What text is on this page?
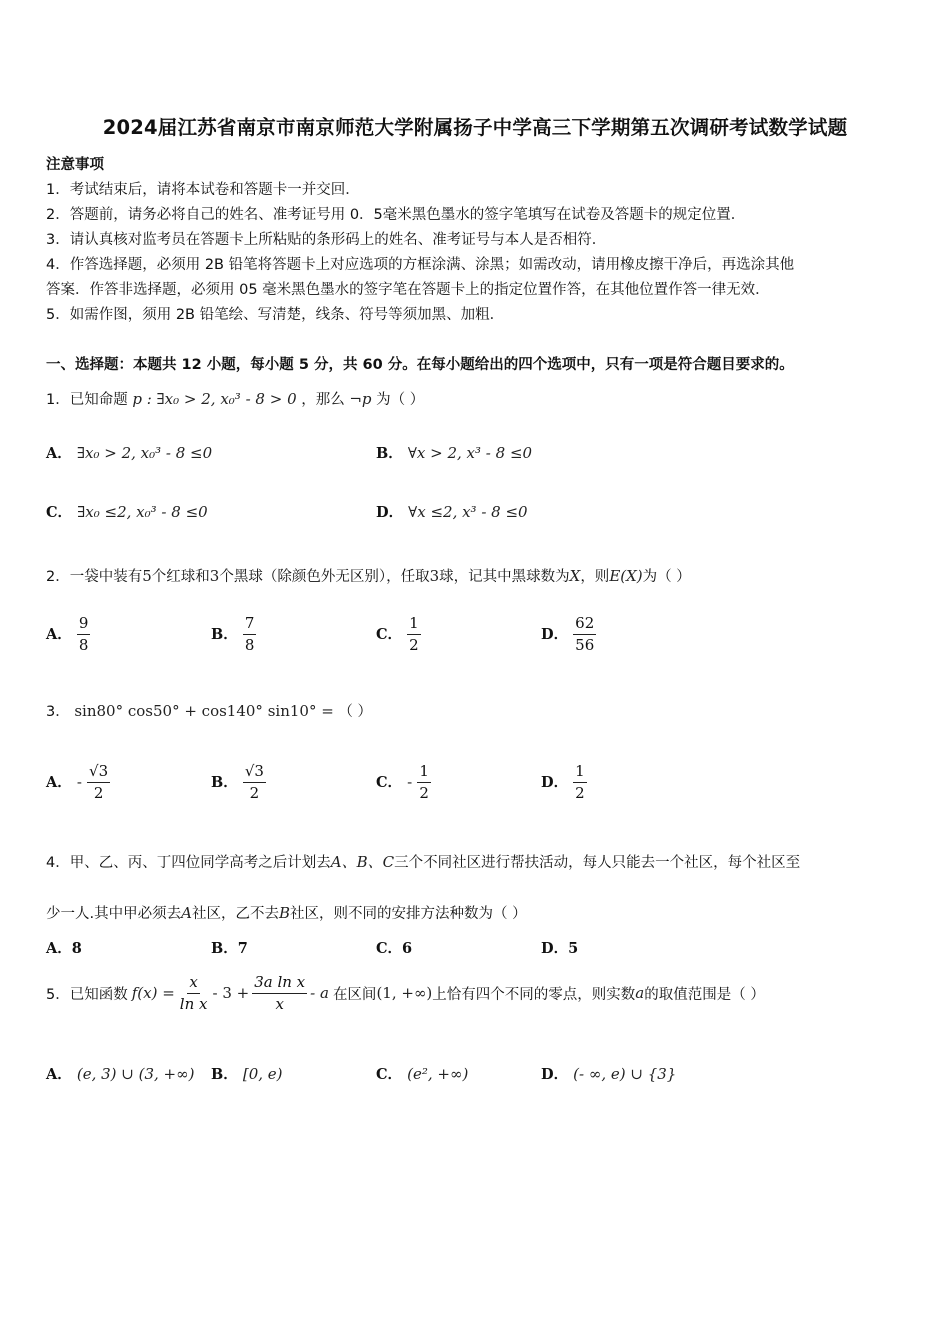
2024届江苏省南京市南京师范大学附属扬子中学高三下学期第五次调研考试数学试题
注意事项
1．考试结束后，请将本试卷和答题卡一并交回．
2．答题前，请务必将自己的姓名、准考证号用 0．5毫米黑色墨水的签字笔填写在试卷及答题卡的规定位置．
3．请认真核对监考员在答题卡上所粘贴的条形码上的姓名、准考证号与本人是否相符．
4．作答选择题，必须用 2B 铅笔将答题卡上对应选项的方框涂满、涂黑；如需改动，请用橡皮擦干净后，再选涂其他
答案．作答非选择题，必须用 05 毫米黑色墨水的签字笔在答题卡上的指定位置作答，在其他位置作答一律无效．
5．如需作图，须用 2B 铅笔绘、写清楚，线条、符号等须加黑、加粗．
一、选择题：本题共 12 小题，每小题 5 分，共 60 分。在每小题给出的四个选项中，只有一项是符合题目要求的。
1．已知命题 p : ∃x₀ > 2, x₀³ - 8 > 0 ，那么 ¬p 为（ ）
A． ∃x₀ > 2, x₀³ - 8 ≤0	B． ∀x > 2, x³ - 8 ≤0
C． ∃x₀ ≤2, x₀³ - 8 ≤0	D． ∀x ≤2, x³ - 8 ≤0
2．一袋中装有5个红球和3个黑球（除颜色外无区别），任取3球，记其中黑球数为X，则E(X)为（ ）
A． $\frac{9}{8}$	B． $\frac{7}{8}$	C． $\frac{1}{2}$	D． $\frac{62}{56}$
3． sin80° cos50° + cos140° sin10° = （ ）
A． - $\frac{√3}{2}$	B． $\frac{√3}{2}$	C． - $\frac{1}{2}$	D． $\frac{1}{2}$
4．甲、乙、丙、丁四位同学高考之后计划去A、B、C三个不同社区进行帮扶活动，每人只能去一个社区，每个社区至
少一人.其中甲必须去A社区，乙不去B社区，则不同的安排方法种数为（ ）
A．8	B．7	C．6	D．5
5．已知函数 $f(x) = \frac{x}{\text{ln x}} - 3 + \frac{\text{3a ln x}}{x} - a$ 在区间 (1, +∞) 上恰有四个不同的零点，则实数 a 的取值范围是（ ）
A． (e, 3) ∪ (3, +∞) B． [0, e)	C． (e², +∞)	D． (- ∞, e) ∪ {3}
